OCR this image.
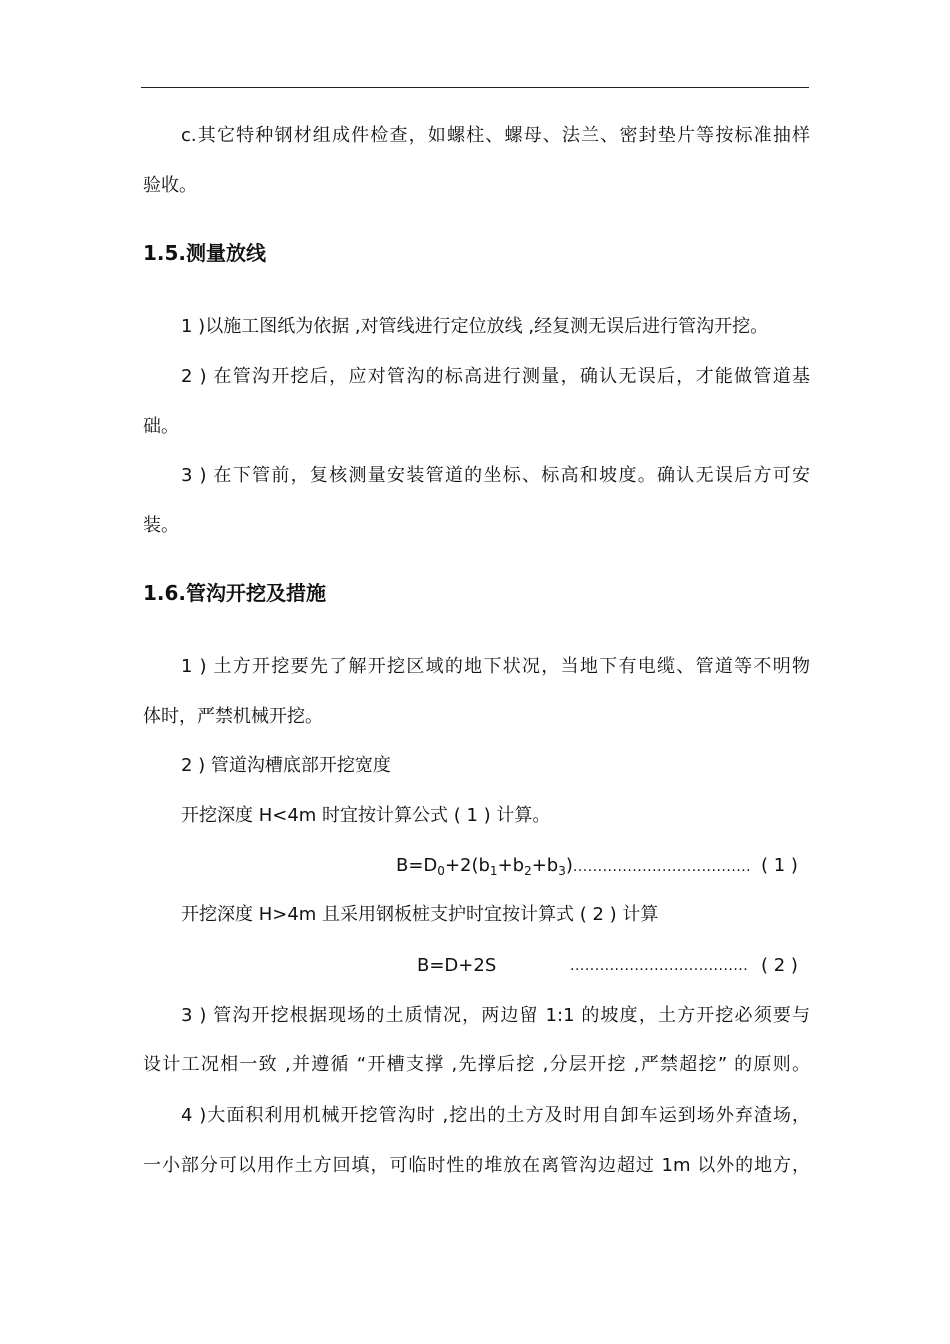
c.其它特种钢材组成件检查，如螺柱、螺母、法兰、密封垫片等按标准抽样
验收。
1.5.测量放线
1 )以施工图纸为依据 ,对管线进行定位放线 ,经复测无误后进行管沟开挖。
2 ) 在管沟开挖后，应对管沟的标高进行测量，确认无误后，才能做管道基
础。
3 ) 在下管前，复核测量安装管道的坐标、标高和坡度。确认无误后方可安
装。
1.6.管沟开挖及措施
1 ) 土方开挖要先了解开挖区域的地下状况，当地下有电缆、管道等不明物
体时，严禁机械开挖。
2 ) 管道沟槽底部开挖宽度
开挖深度 H<4m 时宜按计算公式 ( 1 ) 计算。
$B=D_0+2(b_1+b_2+b_3)$.................................... ( 1 )
开挖深度 H>4m 且采用钢板桩支护时宜按计算式 ( 2 ) 计算
B=D+2S	.................................... ( 2 )
3 ) 管沟开挖根据现场的土质情况，两边留 1:1 的坡度，土方开挖必须要与
设计工况相一致 ,并遵循 “开槽支撑 ,先撑后挖 ,分层开挖 ,严禁超挖” 的原则。
4 )大面积利用机械开挖管沟时 ,挖出的土方及时用自卸车运到场外弃渣场，
一小部分可以用作土方回填，可临时性的堆放在离管沟边超过 1m 以外的地方，
